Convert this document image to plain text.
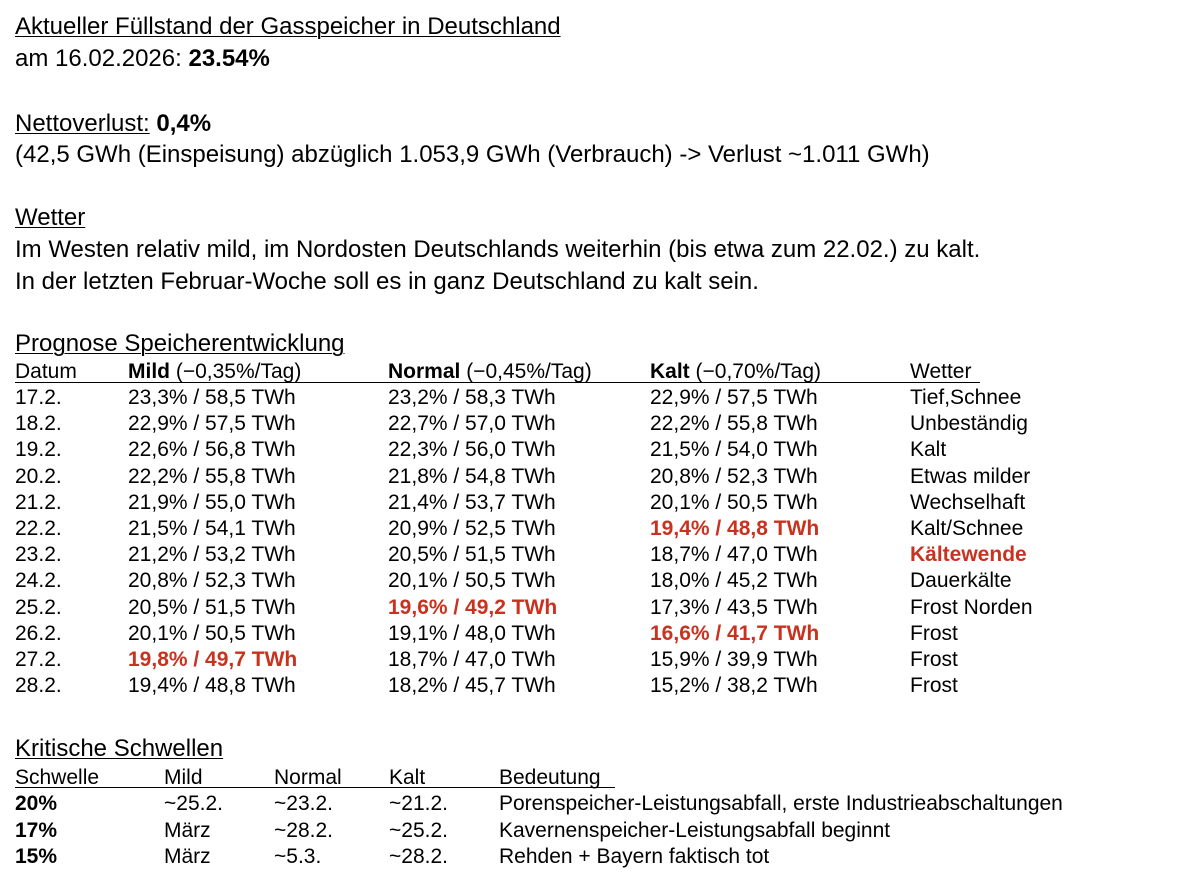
Aktueller Füllstand der Gasspeicher in Deutschland
am 16.02.2026: 23.54%
Nettoverlust: 0,4%
(42,5 GWh (Einspeisung) abzüglich 1.053,9 GWh (Verbrauch) -> Verlust ~1.011 GWh)
Wetter
Im Westen relativ mild, im Nordosten Deutschlands weiterhin (bis etwa zum 22.02.) zu kalt.
In der letzten Februar-Woche soll es in ganz Deutschland zu kalt sein.
Prognose Speicherentwicklung
Datum Mild (−0,35%/Tag)	Normal (−0,45%/Tag)	Kalt (−0,70%/Tag)	Wetter
17.2.	23,3% / 58,5 TWh	23,2% / 58,3 TWh	22,9% / 57,5 TWh	Tief,Schnee
18.2.	22,9% / 57,5 TWh	22,7% / 57,0 TWh	22,2% / 55,8 TWh	Unbeständig
19.2.	22,6% / 56,8 TWh	22,3% / 56,0 TWh	21,5% / 54,0 TWh	Kalt
20.2.	22,2% / 55,8 TWh	21,8% / 54,8 TWh	20,8% / 52,3 TWh	Etwas milder
21.2.	21,9% / 55,0 TWh	21,4% / 53,7 TWh	20,1% / 50,5 TWh	Wechselhaft
22.2.	21,5% / 54,1 TWh	20,9% / 52,5 TWh	19,4% / 48,8 TWh	Kalt/Schnee
23.2.	21,2% / 53,2 TWh	20,5% / 51,5 TWh	18,7% / 47,0 TWh	Kältewende
24.2.	20,8% / 52,3 TWh	20,1% / 50,5 TWh	18,0% / 45,2 TWh	Dauerkälte
25.2.	20,5% / 51,5 TWh	19,6% / 49,2 TWh	17,3% / 43,5 TWh	Frost Norden
26.2.	20,1% / 50,5 TWh	19,1% / 48,0 TWh	16,6% / 41,7 TWh	Frost
27.2.	19,8% / 49,7 TWh	18,7% / 47,0 TWh	15,9% / 39,9 TWh	Frost
28.2.	19,4% / 48,8 TWh	18,2% / 45,7 TWh	15,2% / 38,2 TWh	Frost
Kritische Schwellen
Schwelle	Mild	Normal Kalt	Bedeutung
20%	~25.2. ~23.2.	~21.2. Porenspeicher-Leistungsabfall, erste Industrieabschaltungen
17%	März	~28.2.	~25.2. Kavernenspeicher-Leistungsabfall beginnt
15%	März	~5.3.	~28.2. Rehden + Bayern faktisch tot
